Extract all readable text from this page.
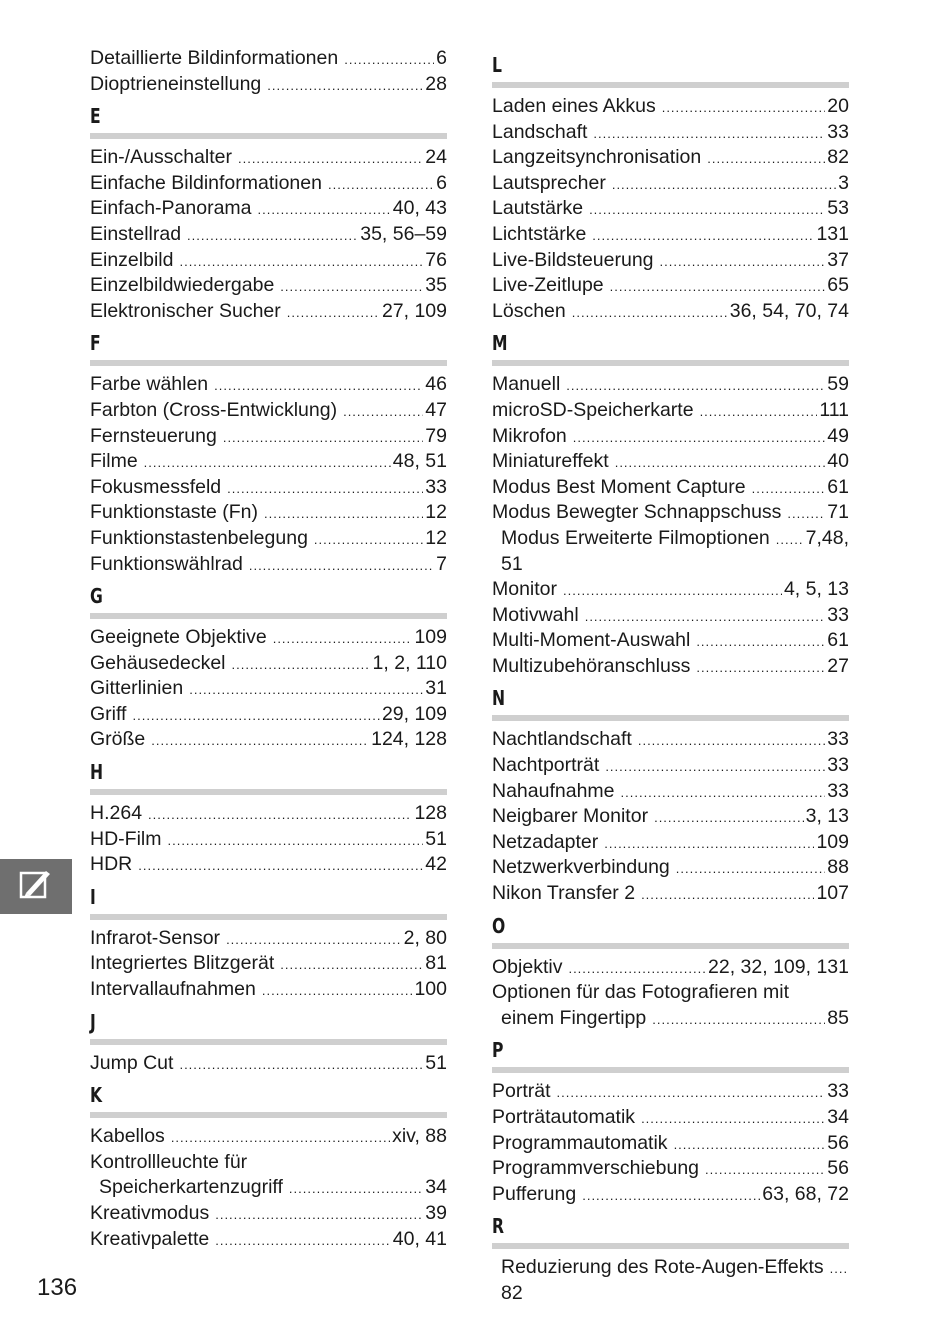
Detaillierte Bildinformationen .....	6
Dioptrieneinstellung .....	28
E
Ein-/Ausschalter .....	24
Einfache Bildinformationen .....	6
Einfach-Panorama .....	40, 43
Einstellrad .....	35, 56–59
Einzelbild .....	76
Einzelbildwiedergabe .....	35
Elektronischer Sucher .....	27, 109
F
Farbe wählen .....	46
Farbton (Cross-Entwicklung) .....	47
Fernsteuerung .....	79
Filme .....	48, 51
Fokusmessfeld .....	33
Funktionstaste (Fn) .....	12
Funktionstastenbelegung .....	12
Funktionswählrad .....	7
G
Geeignete Objektive .....	109
Gehäusedeckel .....	1, 2, 110
Gitterlinien .....	31
Griff .....	29, 109
Größe .....	124, 128
H
H.264 .....	128
HD-Film .....	51
HDR .....	42
I
Infrarot-Sensor .....	2, 80
Integriertes Blitzgerät .....	81
Intervallaufnahmen .....	100
J
Jump Cut .....	51
K
Kabellos .....	xiv, 88
Kontrollleuchte für
Speicherkartenzugriff .....	34
Kreativmodus .....	39
Kreativpalette .....	40, 41
L
Laden eines Akkus .....	20
Landschaft .....	33
Langzeitsynchronisation .....	82
Lautsprecher .....	3
Lautstärke .....	53
Lichtstärke .....	131
Live-Bildsteuerung .....	37
Live-Zeitlupe .....	65
Löschen .....	36, 54, 70, 74
M
Manuell .....	59
microSD-Speicherkarte .....	111
Mikrofon .....	49
Miniatureffekt .....	40
Modus Best Moment Capture .....	61
Modus Bewegter Schnappschuss ..... 71
Modus Erweiterte Filmoptionen ..... 7,48,
51
Monitor .....	4, 5, 13
Motivwahl .....	33
Multi-Moment-Auswahl .....	61
Multizubehöranschluss .....	27
N
Nachtlandschaft .....	33
Nachtporträt .....	33
Nahaufnahme .....	33
Neigbarer Monitor .....	3, 13
Netzadapter .....	109
Netzwerkverbindung .....	88
Nikon Transfer 2 .....	107
O
Objektiv .....	22, 32, 109, 131
Optionen für das Fotografieren mit
einem Fingertipp .....	85
P
Porträt .....	33
Porträtautomatik .....	34
Programmautomatik .....	56
Programmverschiebung .....	56
Pufferung .....	63, 68, 72
R
Reduzierung des Rote-Augen-Effekts
.....
82
136
